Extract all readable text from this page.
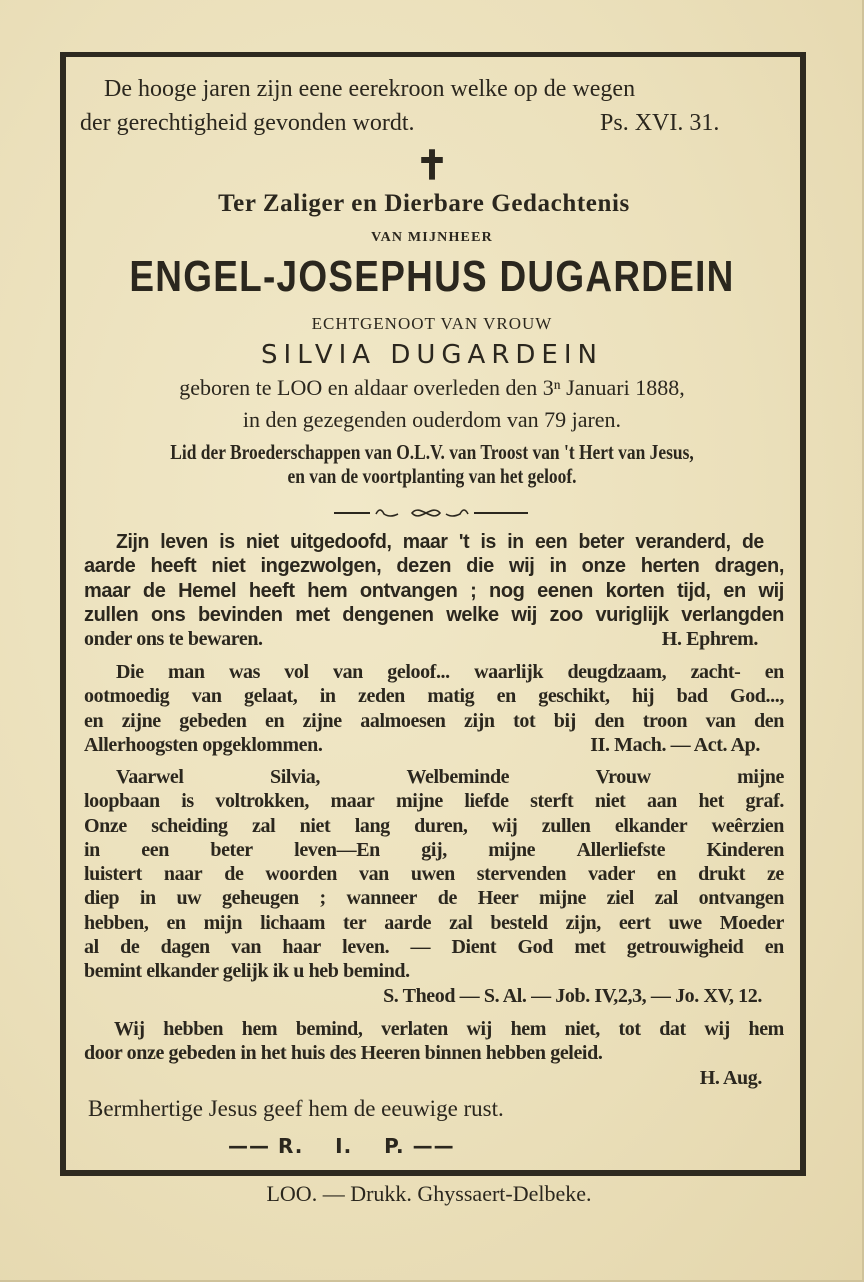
De hooge jaren zijn eene eerekroon welke op de wegen
der gerechtigheid gevonden wordt.	Ps. XVI. 31.
✝
Ter Zaliger en Dierbare Gedachtenis
VAN MIJNHEER
ENGEL-JOSEPHUS DUGARDEIN
ECHTGENOOT VAN VROUW
SILVIA DUGARDEIN
geboren te LOO en aldaar overleden den 3ⁿ Januari 1888,
in den gezegenden ouderdom van 79 jaren.
Lid der Broederschappen van O.L.V. van Troost van 't Hert van Jesus,
en van de voortplanting van het geloof.
Zijn leven is niet uitgedoofd, maar 't is in een beter veranderd, de
aarde heeft niet ingezwolgen, dezen die wij in onze herten dragen,
maar de Hemel heeft hem ontvangen ; nog eenen korten tijd, en wij
zullen ons bevinden met dengenen welke wij zoo vuriglijk verlangden
onder ons te bewaren.	H. Ephrem.
Die man was vol van geloof... waarlijk deugdzaam, zacht- en
ootmoedig van gelaat, in zeden matig en geschikt, hij bad God...,
en zijne gebeden en zijne aalmoesen zijn tot bij den troon van den
Allerhoogsten opgeklommen.	II. Mach. — Act. Ap.
Vaarwel	Silvia,	Welbeminde	Vrouw	mijne
loopbaan is voltrokken, maar mijne liefde sterft niet aan het graf.
Onze scheiding zal niet lang duren, wij zullen elkander weêrzien
in een beter leven—En gij, mijne Allerliefste Kinderen
luistert naar de woorden van uwen stervenden vader en drukt ze
diep in uw geheugen ; wanneer de Heer mijne ziel zal ontvangen
hebben, en mijn lichaam ter aarde zal besteld zijn, eert uwe Moeder
al de dagen van haar leven. — Dient God met getrouwigheid en
bemint elkander gelijk ik u heb bemind.
S. Theod — S. Al. — Job. IV,2,3, — Jo. XV, 12.
Wij hebben hem bemind, verlaten wij hem niet, tot dat wij hem
door onze gebeden in het huis des Heeren binnen hebben geleid.
H. Aug.
Bermhertige Jesus geef hem de eeuwige rust.
—— R.    I.    P. ——
LOO. — Drukk. Ghyssaert-Delbeke.
